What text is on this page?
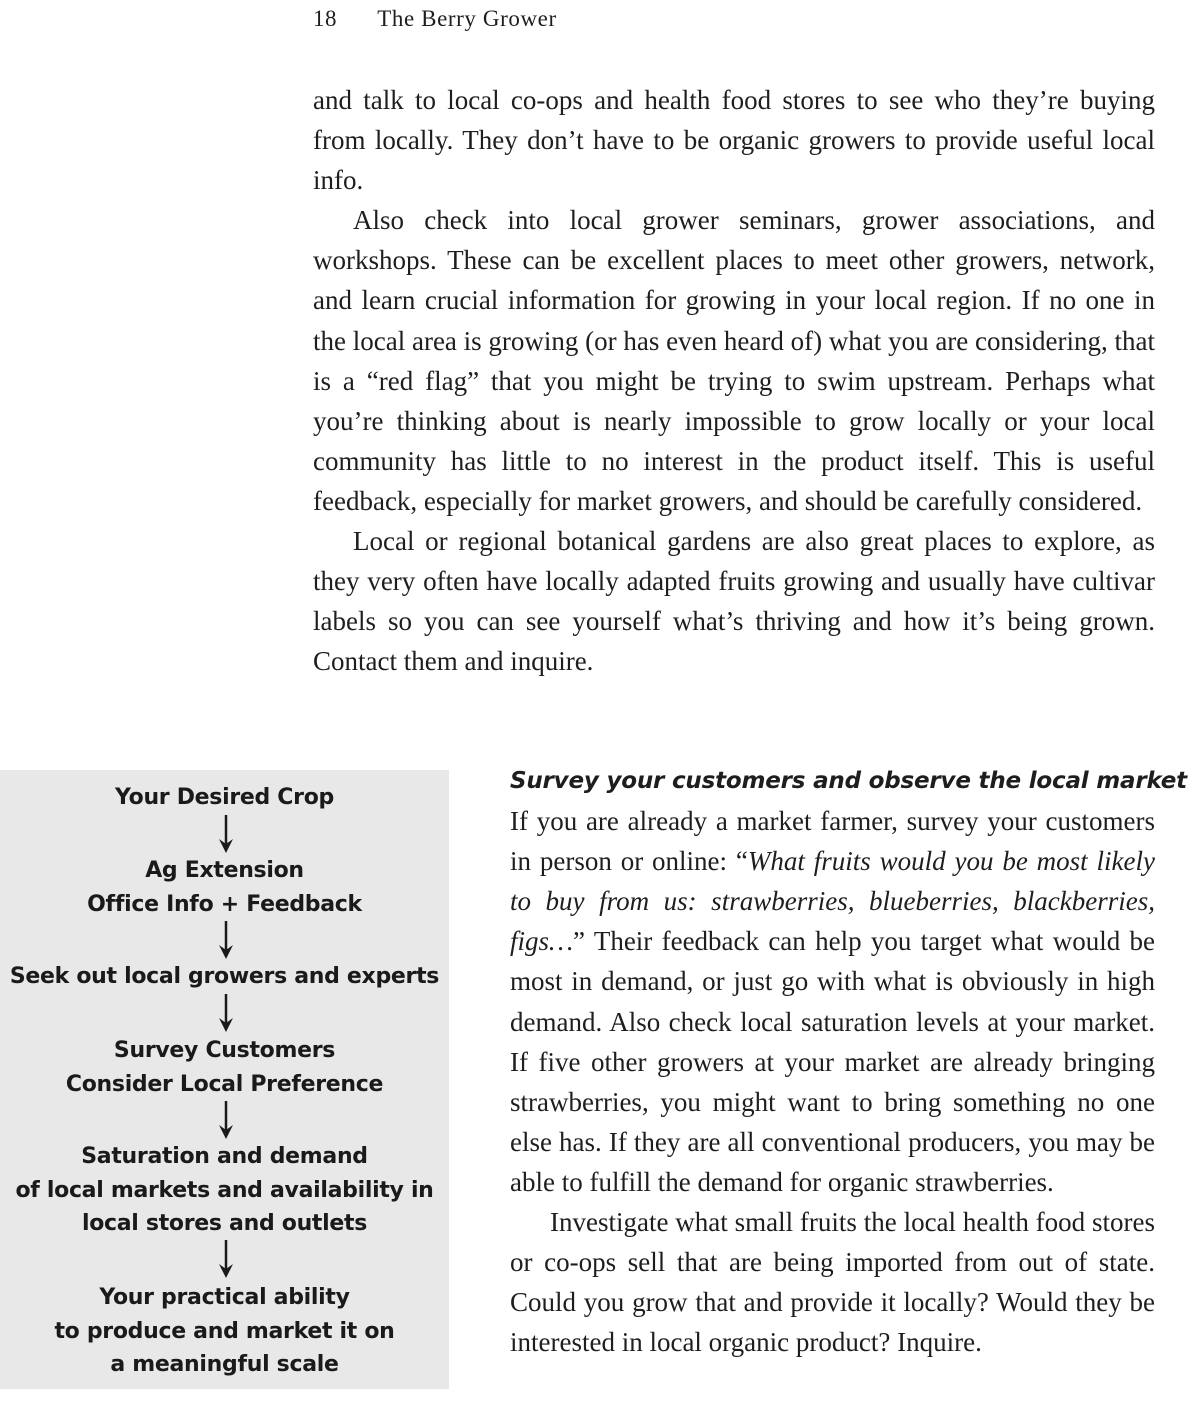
18 The Berry Grower

and talk to local co-ops and health food stores to see who they’re buying from locally. They don’t have to be organic growers to provide useful local info.

Also check into local grower seminars, grower associations, and workshops. These can be excellent places to meet other growers, network, and learn crucial information for growing in your local region. If no one in the local area is growing (or has even heard of) what you are considering, that is a “red flag” that you might be trying to swim upstream. Perhaps what you’re thinking about is nearly impossible to grow locally or your local community has little to no interest in the product itself. This is useful feedback, especially for market growers, and should be carefully considered.

Local or regional botanical gardens are also great places to explore, as they very often have locally adapted fruits growing and usually have cultivar labels so you can see yourself what’s thriving and how it’s being grown. Contact them and inquire.

Your Desired Crop
Ag Extension
Office Info + Feedback
Seek out local growers and experts
Survey Customers
Consider Local Preference
Saturation and demand
of local markets and availability in
local stores and outlets
Your practical ability
to produce and market it on
a meaningful scale
Survey your customers and observe the local market

If you are already a market farmer, survey your customers in person or online: “What fruits would you be most likely to buy from us: strawberries, blueberries, blackberries, figs…” Their feedback can help you target what would be most in demand, or just go with what is obviously in high demand. Also check local saturation levels at your market. If five other growers at your market are already bringing strawberries, you might want to bring something no one else has. If they are all conventional producers, you may be able to fulfill the demand for organic strawberries.

Investigate what small fruits the local health food stores or co-ops sell that are being imported from out of state. Could you grow that and provide it locally? Would they be interested in local organic product? Inquire.
